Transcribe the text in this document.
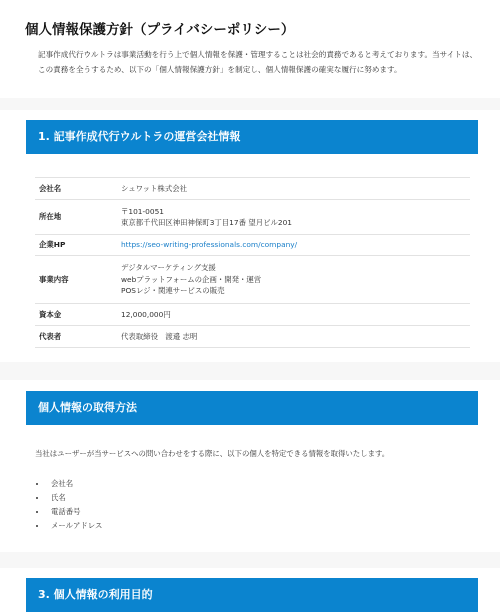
個人情報保護方針（プライバシーポリシー）
記事作成代行ウルトラは事業活動を行う上で個人情報を保護・管理することは社会的責務であると考えております。当サイトは、この責務を全うするため、以下の「個人情報保護方針」を制定し、個人情報保護の確実な履行に努めます。
1. 記事作成代行ウルトラの運営会社情報
会社名	シュワット株式会社

所在地	〒101-0051
東京都千代田区神田神保町3丁目17番 望月ビル201

企業HP	https://seo-writing-professionals.com/company/
事業内容	デジタルマーケティング支援
webプラットフォームの企画・開発・運営
POSレジ・関連サービスの販売

資本金	12,000,000円

代表者	代表取締役　渡邉 志明
個人情報の取得方法
当社はユーザーが当サービスへの問い合わせをする際に、以下の個人を特定できる情報を取得いたします。
• 会社名
• 氏名
• 電話番号
• メールアドレス
3. 個人情報の利用目的
